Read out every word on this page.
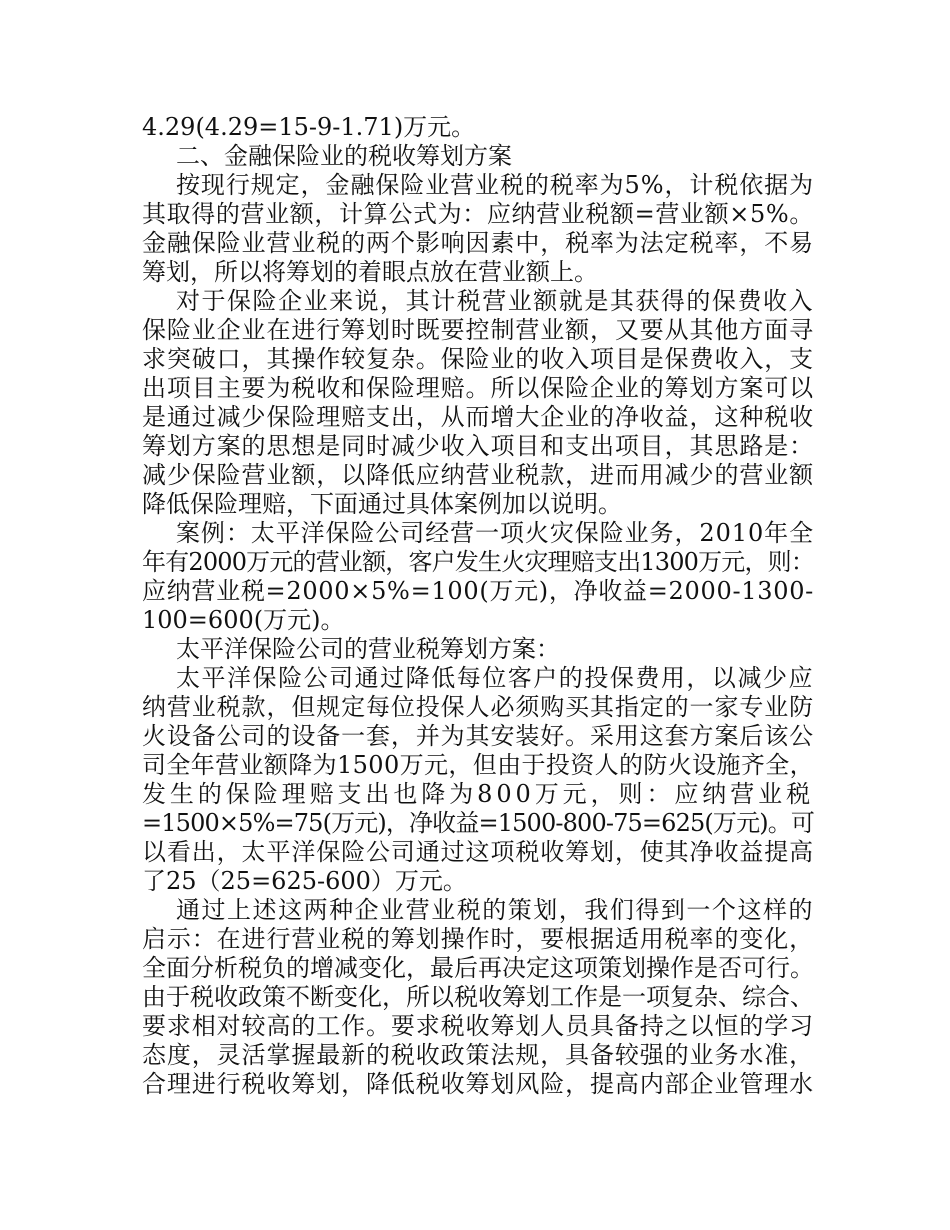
4.29(4.29=15-9-1.71)万元。
二、金融保险业的税收筹划方案
按现行规定，金融保险业营业税的税率为5%，计税依据为
其取得的营业额，计算公式为：应纳营业税额=营业额×5%。
金融保险业营业税的两个影响因素中，税率为法定税率，不易
筹划，所以将筹划的着眼点放在营业额上。
对于保险企业来说，其计税营业额就是其获得的保费收入
保险业企业在进行筹划时既要控制营业额，又要从其他方面寻
求突破口，其操作较复杂。保险业的收入项目是保费收入，支
出项目主要为税收和保险理赔。所以保险企业的筹划方案可以
是通过减少保险理赔支出，从而增大企业的净收益，这种税收
筹划方案的思想是同时减少收入项目和支出项目，其思路是：
减少保险营业额，以降低应纳营业税款，进而用减少的营业额
降低保险理赔，下面通过具体案例加以说明。
案例：太平洋保险公司经营一项火灾保险业务，2010年全
年有2000万元的营业额，客户发生火灾理赔支出1300万元，则：
应纳营业税=2000×5%=100(万元)，净收益=2000-1300-
100=600(万元)。
太平洋保险公司的营业税筹划方案：
太平洋保险公司通过降低每位客户的投保费用，以减少应
纳营业税款，但规定每位投保人必须购买其指定的一家专业防
火设备公司的设备一套，并为其安装好。采用这套方案后该公
司全年营业额降为1500万元，但由于投资人的防火设施齐全，
发生的保险理赔支出也降为800万元，则：应纳营业税
=1500×5%=75(万元)，净收益=1500-800-75=625(万元)。可
以看出，太平洋保险公司通过这项税收筹划，使其净收益提高
了25（25=625-600）万元。
通过上述这两种企业营业税的策划，我们得到一个这样的
启示：在进行营业税的筹划操作时，要根据适用税率的变化，
全面分析税负的增减变化，最后再决定这项策划操作是否可行。
由于税收政策不断变化，所以税收筹划工作是一项复杂、综合、
要求相对较高的工作。要求税收筹划人员具备持之以恒的学习
态度，灵活掌握最新的税收政策法规，具备较强的业务水准，
合理进行税收筹划，降低税收筹划风险，提高内部企业管理水
